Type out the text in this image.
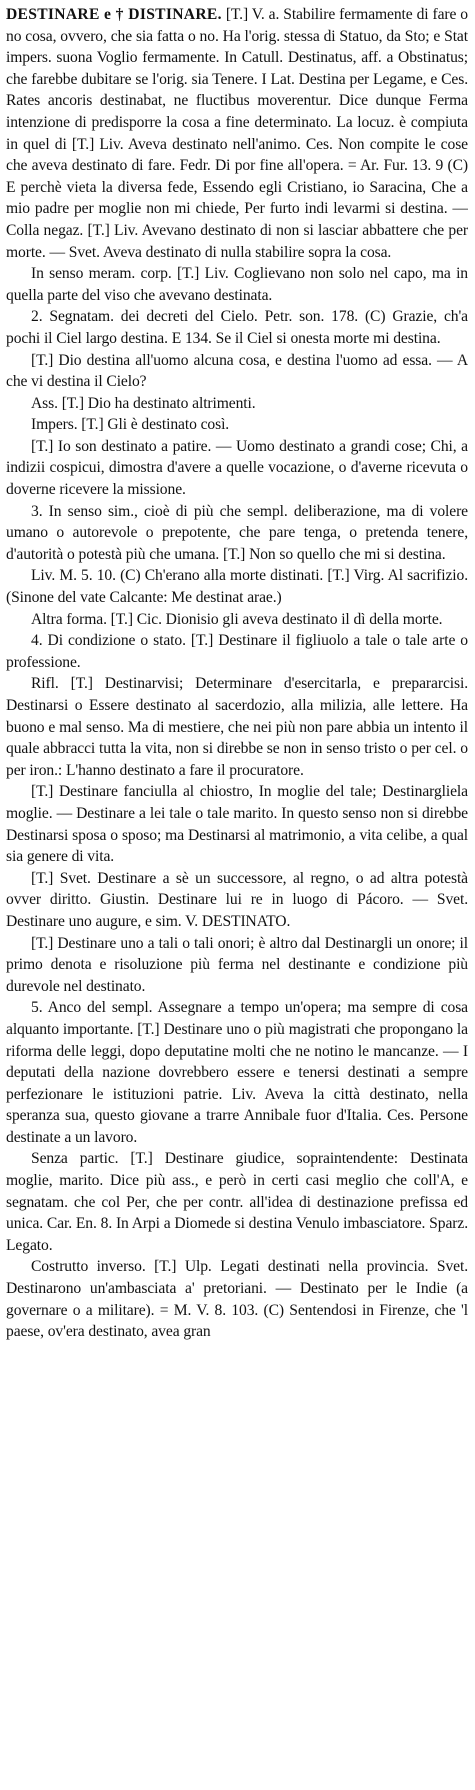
DESTINARE e † DISTINARE. [T.] V. a. Stabilire fermamente di fare o no cosa, ovvero, che sia fatta o no. Ha l'orig. stessa di Statuo, da Sto; e Stat impers. suona Voglio fermamente. In Catull. Destinatus, aff. a Obstinatus; che farebbe dubitare se l'orig. sia Tenere. I Lat. Destina per Legame, e Ces. Rates ancoris destinabat, ne fluctibus moverentur. Dice dunque Ferma intenzione di predisporre la cosa a fine determinato. La locuz. è compiuta in quel di [T.] Liv. Aveva destinato nell'animo. Ces. Non compite le cose che aveva destinato di fare. Fedr. Di por fine all'opera. = Ar. Fur. 13. 9 (C) E perchè vieta la diversa fede, Essendo egli Cristiano, io Saracina, Che a mio padre per moglie non mi chiede, Per furto indi levarmi si destina. — Colla negaz. [T.] Liv. Avevano destinato di non si lasciar abbattere che per morte. — Svet. Aveva destinato di nulla stabilire sopra la cosa.

In senso meram. corp. [T.] Liv. Coglievano non solo nel capo, ma in quella parte del viso che avevano destinata.

2. Segnatam. dei decreti del Cielo. Petr. son. 178. (C) Grazie, ch'a pochi il Ciel largo destina. E 134. Se il Ciel si onesta morte mi destina.

[T.] Dio destina all'uomo alcuna cosa, e destina l'uomo ad essa. — A che vi destina il Cielo?

Ass. [T.] Dio ha destinato altrimenti.

Impers. [T.] Gli è destinato così.

[T.] Io son destinato a patire. — Uomo destinato a grandi cose; Chi, a indizii cospicui, dimostra d'avere a quelle vocazione, o d'averne ricevuta o doverne ricevere la missione.

3. In senso sim., cioè di più che sempl. deliberazione, ma di volere umano o autorevole o prepotente, che pare tenga, o pretenda tenere, d'autorità o potestà più che umana. [T.] Non so quello che mi si destina.

Liv. M. 5. 10. (C) Ch'erano alla morte distinati. [T.] Virg. Al sacrifizio. (Sinone del vate Calcante: Me destinat arae.)

Altra forma. [T.] Cic. Dionisio gli aveva destinato il dì della morte.

4. Di condizione o stato. [T.] Destinare il figliuolo a tale o tale arte o professione.

Rifl. [T.] Destinarvisi; Determinare d'esercitarla, e prepararcisi. Destinarsi o Essere destinato al sacerdozio, alla milizia, alle lettere. Ha buono e mal senso. Ma di mestiere, che nei più non pare abbia un intento il quale abbracci tutta la vita, non si direbbe se non in senso tristo o per cel. o per iron.: L'hanno destinato a fare il procuratore.

[T.] Destinare fanciulla al chiostro, In moglie del tale; Destinargliela moglie. — Destinare a lei tale o tale marito. In questo senso non si direbbe Destinarsi sposa o sposo; ma Destinarsi al matrimonio, a vita celibe, a qual sia genere di vita.

[T.] Svet. Destinare a sè un successore, al regno, o ad altra potestà ovver diritto. Giustin. Destinare lui re in luogo di Pácoro. — Svet. Destinare uno augure, e sim. V. DESTINATO.

[T.] Destinare uno a tali o tali onori; è altro dal Destinargli un onore; il primo denota e risoluzione più ferma nel destinante e condizione più durevole nel destinato.

5. Anco del sempl. Assegnare a tempo un'opera; ma sempre di cosa alquanto importante. [T.] Destinare uno o più magistrati che propongano la riforma delle leggi, dopo deputatine molti che ne notino le mancanze. — I deputati della nazione dovrebbero essere e tenersi destinati a sempre perfezionare le istituzioni patrie. Liv. Aveva la città destinato, nella speranza sua, questo giovane a trarre Annibale fuor d'Italia. Ces. Persone destinate a un lavoro.

Senza partic. [T.] Destinare giudice, sopraintendente: Destinata moglie, marito. Dice più ass., e però in certi casi meglio che coll'A, e segnatam. che col Per, che per contr. all'idea di destinazione prefissa ed unica. Car. En. 8. In Arpi a Diomede si destina Venulo imbasciatore. Sparz. Legato.

Costrutto inverso. [T.] Ulp. Legati destinati nella provincia. Svet. Destinarono un'ambasciata a' pretoriani. — Destinato per le Indie (a governare o a militare). = M. V. 8. 103. (C) Sentendosi in Firenze, che 'l paese, ov'era destinato, avea gran
